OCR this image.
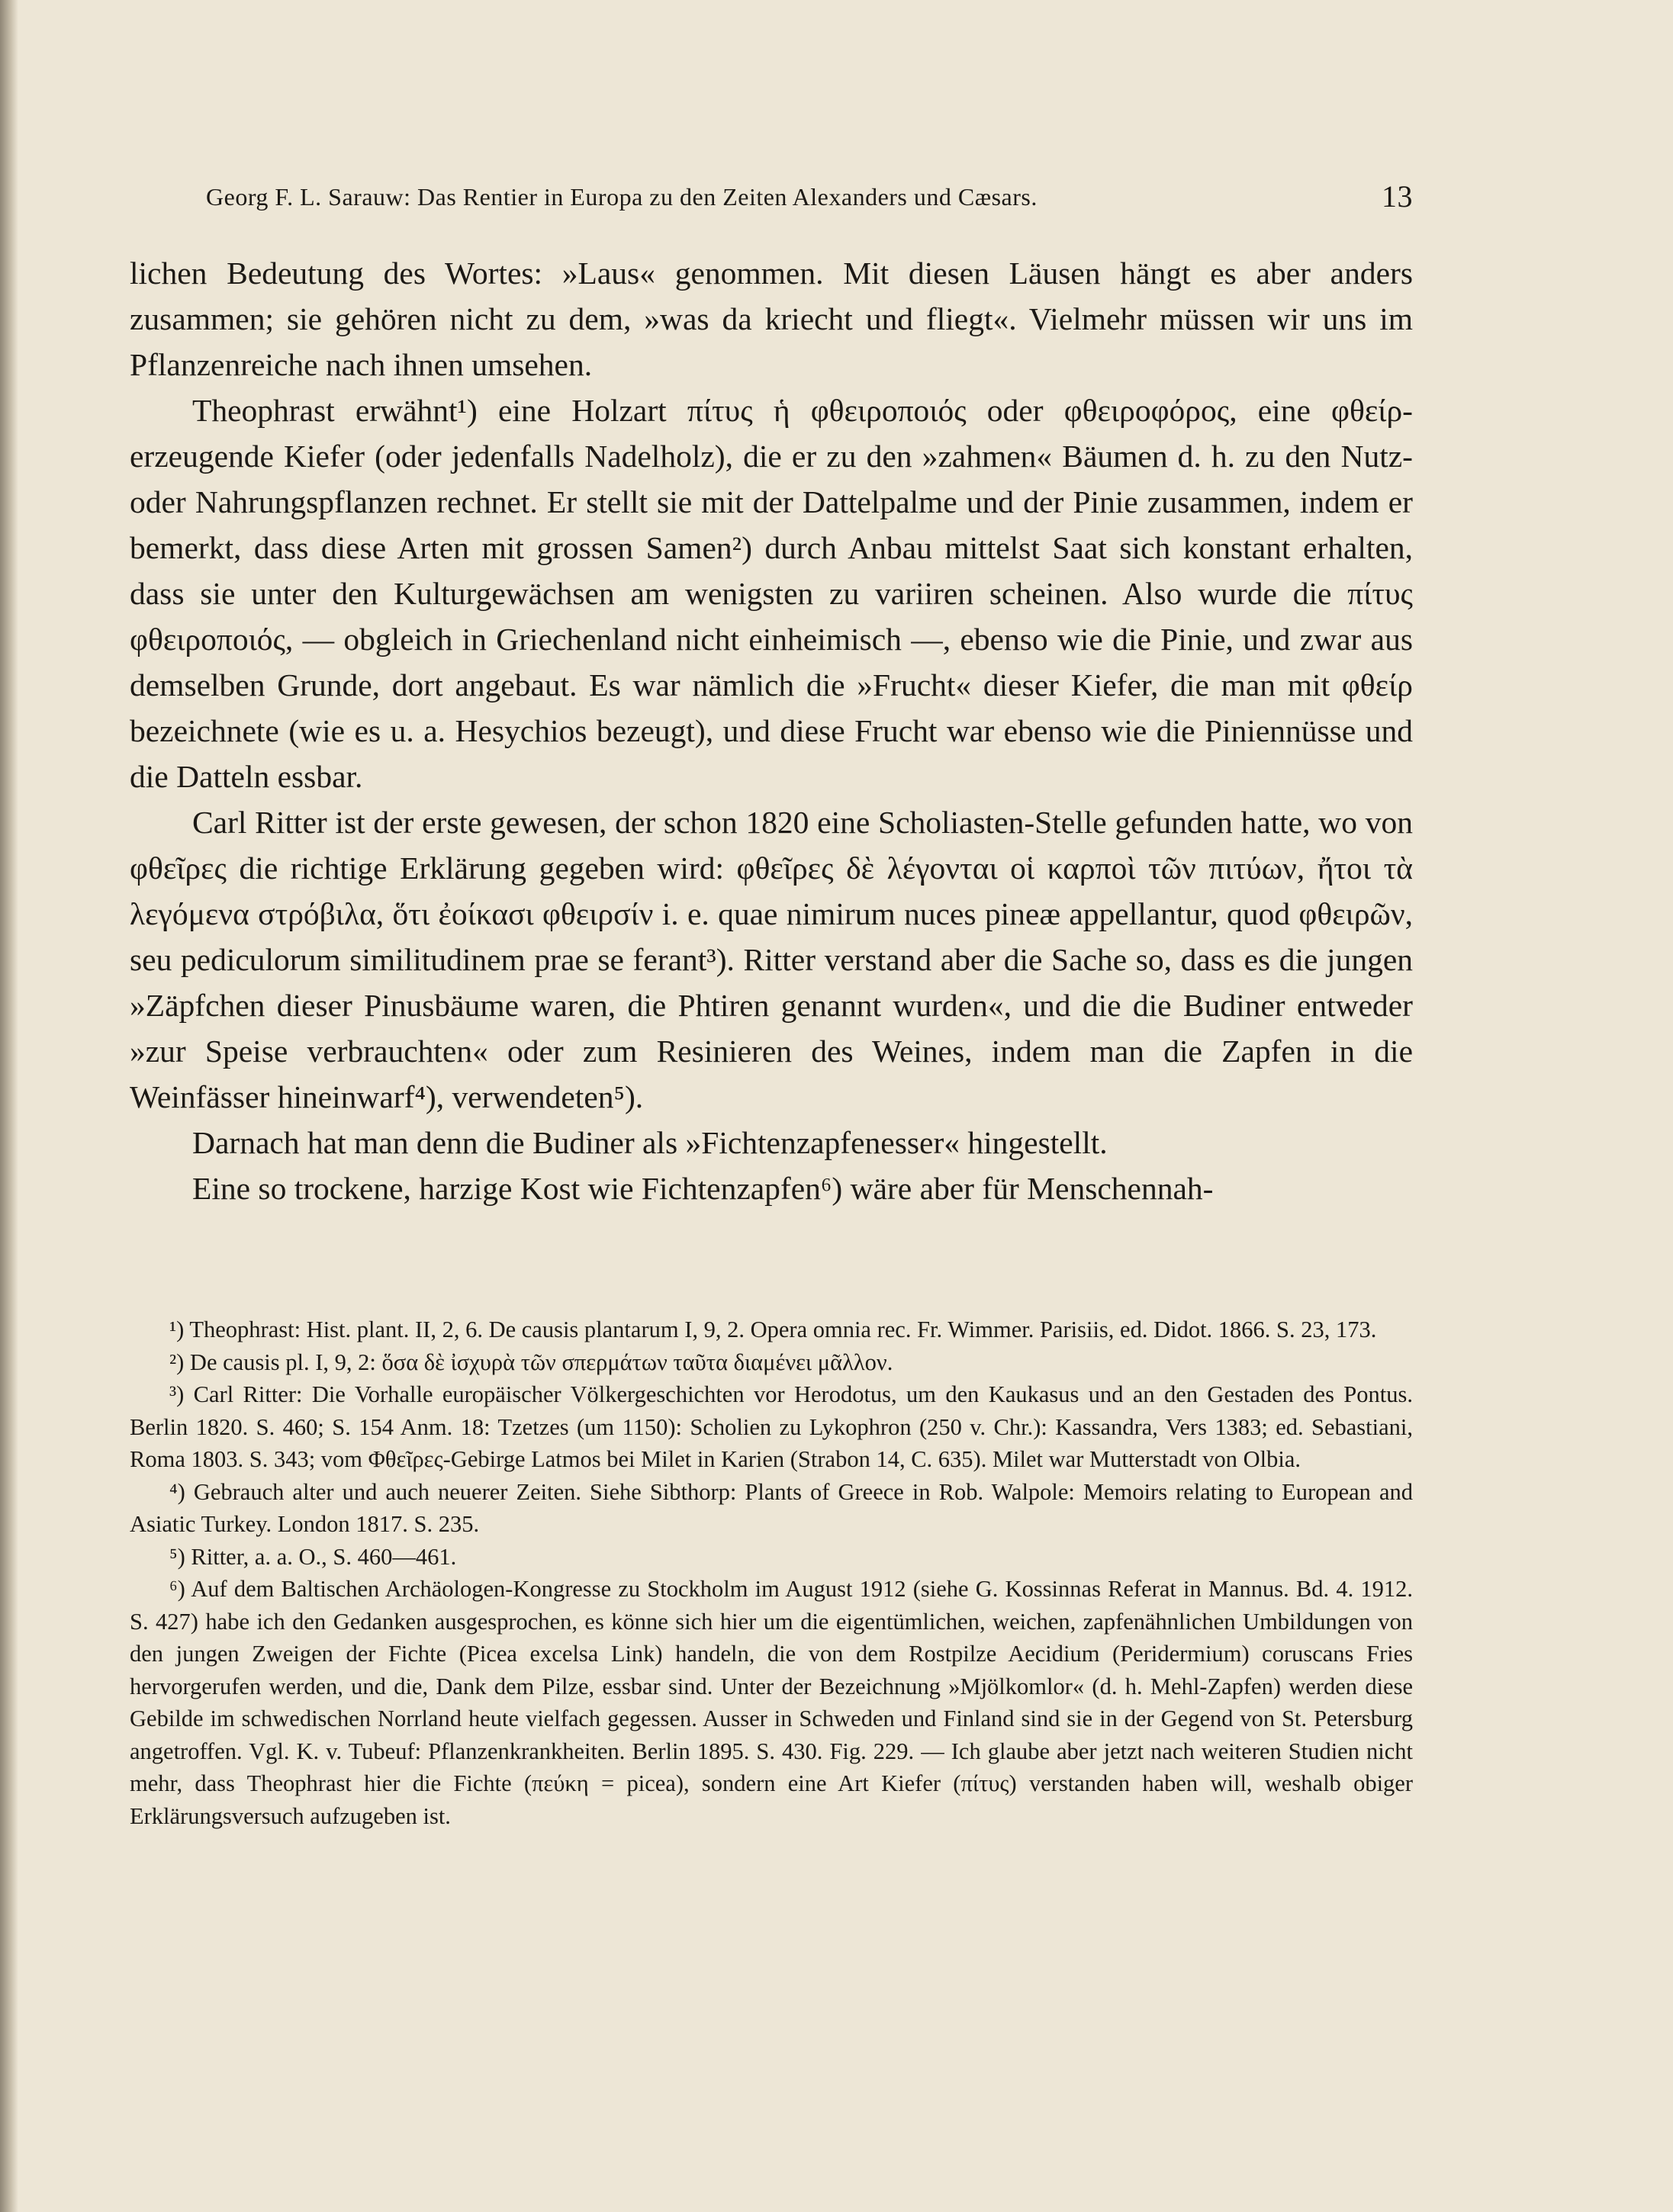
Georg F. L. Sarauw: Das Rentier in Europa zu den Zeiten Alexanders und Cæsars.	13

lichen Bedeutung des Wortes: »Laus« genommen. Mit diesen Läusen hängt es aber anders zusammen; sie gehören nicht zu dem, »was da kriecht und fliegt«. Vielmehr müssen wir uns im Pflanzenreiche nach ihnen umsehen.

Theophrast erwähnt¹) eine Holzart πίτυς ἡ φθειροποιός oder φθειροφόρος, eine φθείρ-erzeugende Kiefer (oder jedenfalls Nadelholz), die er zu den »zahmen« Bäumen d. h. zu den Nutz- oder Nahrungspflanzen rechnet. Er stellt sie mit der Dattelpalme und der Pinie zusammen, indem er bemerkt, dass diese Arten mit grossen Samen²) durch Anbau mittelst Saat sich konstant erhalten, dass sie unter den Kulturgewächsen am wenigsten zu variiren scheinen. Also wurde die πίτυς φθειροποιός, — obgleich in Griechenland nicht einheimisch —, ebenso wie die Pinie, und zwar aus demselben Grunde, dort angebaut. Es war nämlich die »Frucht« dieser Kiefer, die man mit φθείρ bezeichnete (wie es u. a. Hesychios bezeugt), und diese Frucht war ebenso wie die Piniennüsse und die Datteln essbar.

Carl Ritter ist der erste gewesen, der schon 1820 eine Scholiasten-Stelle gefunden hatte, wo von φθεῖρες die richtige Erklärung gegeben wird: φθεῖρες δὲ λέγονται οἱ καρποὶ τῶν πιτύων, ἤτοι τὰ λεγόμενα στρόβιλα, ὅτι ἐοίκασι φθειρσίν i. e. quae nimirum nuces pineæ appellantur, quod φθειρῶν, seu pediculorum similitudinem prae se ferant³). Ritter verstand aber die Sache so, dass es die jungen »Zäpfchen dieser Pinusbäume waren, die Phtiren genannt wurden«, und die die Budiner entweder »zur Speise verbrauchten« oder zum Resinieren des Weines, indem man die Zapfen in die Weinfässer hineinwarf⁴), verwendeten⁵).

Darnach hat man denn die Budiner als »Fichtenzapfenesser« hingestellt.

Eine so trockene, harzige Kost wie Fichtenzapfen⁶) wäre aber für Menschennah-

¹) Theophrast: Hist. plant. II, 2, 6. De causis plantarum I, 9, 2. Opera omnia rec. Fr. Wimmer. Parisiis, ed. Didot. 1866. S. 23, 173.

²) De causis pl. I, 9, 2: ὅσα δὲ ἰσχυρὰ τῶν σπερμάτων ταῦτα διαμένει μᾶλλον.

³) Carl Ritter: Die Vorhalle europäischer Völkergeschichten vor Herodotus, um den Kaukasus und an den Gestaden des Pontus. Berlin 1820. S. 460; S. 154 Anm. 18: Tzetzes (um 1150): Scholien zu Lykophron (250 v. Chr.): Kassandra, Vers 1383; ed. Sebastiani, Roma 1803. S. 343; vom Φθεῖρες-Gebirge Latmos bei Milet in Karien (Strabon 14, C. 635). Milet war Mutterstadt von Olbia.

⁴) Gebrauch alter und auch neuerer Zeiten. Siehe Sibthorp: Plants of Greece in Rob. Walpole: Memoirs relating to European and Asiatic Turkey. London 1817. S. 235.

⁵) Ritter, a. a. O., S. 460—461.

⁶) Auf dem Baltischen Archäologen-Kongresse zu Stockholm im August 1912 (siehe G. Kossinnas Referat in Mannus. Bd. 4. 1912. S. 427) habe ich den Gedanken ausgesprochen, es könne sich hier um die eigentümlichen, weichen, zapfenähnlichen Umbildungen von den jungen Zweigen der Fichte (Picea excelsa Link) handeln, die von dem Rostpilze Aecidium (Peridermium) coruscans Fries hervorgerufen werden, und die, Dank dem Pilze, essbar sind. Unter der Bezeichnung »Mjölkomlor« (d. h. Mehl-Zapfen) werden diese Gebilde im schwedischen Norrland heute vielfach gegessen. Ausser in Schweden und Finland sind sie in der Gegend von St. Petersburg angetroffen. Vgl. K. v. Tubeuf: Pflanzenkrankheiten. Berlin 1895. S. 430. Fig. 229. — Ich glaube aber jetzt nach weiteren Studien nicht mehr, dass Theophrast hier die Fichte (πεύκη = picea), sondern eine Art Kiefer (πίτυς) verstanden haben will, weshalb obiger Erklärungsversuch aufzugeben ist.
